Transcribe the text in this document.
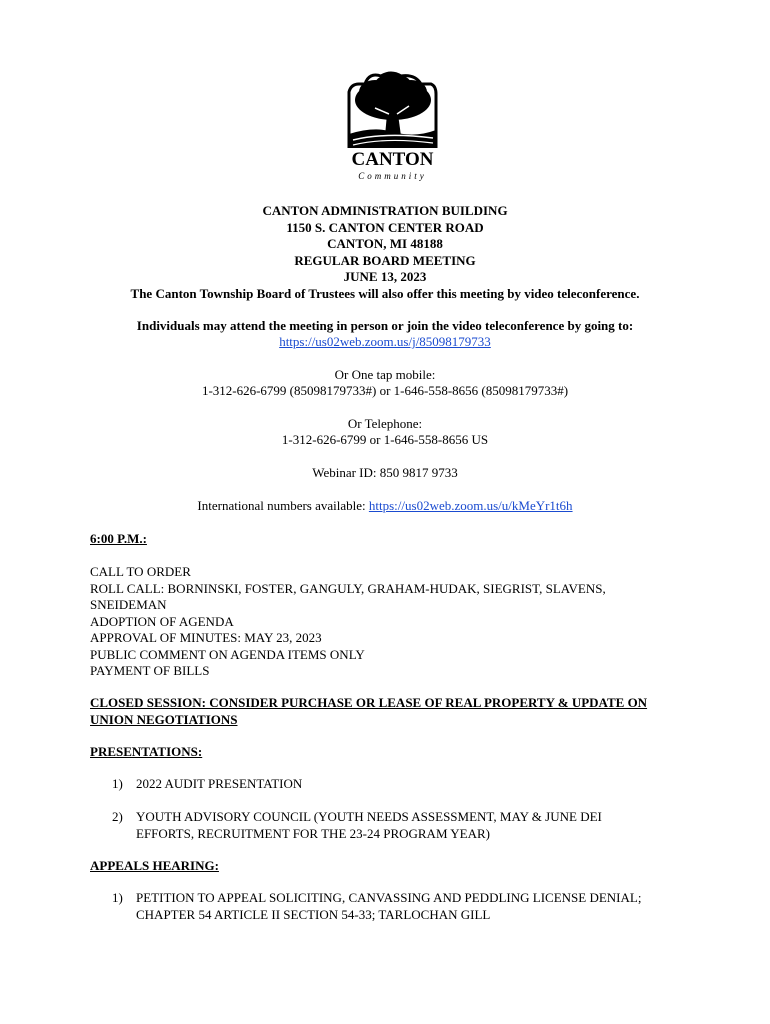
CANTON
Community
CANTON ADMINISTRATION BUILDING
1150 S. CANTON CENTER ROAD
CANTON, MI 48188
REGULAR BOARD MEETING
JUNE 13, 2023
The Canton Township Board of Trustees will also offer this meeting by video teleconference.
Individuals may attend the meeting in person or join the video teleconference by going to:
https://us02web.zoom.us/j/85098179733
Or One tap mobile:
1-312-626-6799 (85098179733#) or 1-646-558-8656 (85098179733#)
Or Telephone:
1-312-626-6799 or 1-646-558-8656 US
Webinar ID: 850 9817 9733
International numbers available: https://us02web.zoom.us/u/kMeYr1t6h
6:00 P.M.:
CALL TO ORDER
ROLL CALL: BORNINSKI, FOSTER, GANGULY, GRAHAM-HUDAK, SIEGRIST, SLAVENS,
SNEIDEMAN
ADOPTION OF AGENDA
APPROVAL OF MINUTES: MAY 23, 2023
PUBLIC COMMENT ON AGENDA ITEMS ONLY
PAYMENT OF BILLS
CLOSED SESSION: CONSIDER PURCHASE OR LEASE OF REAL PROPERTY & UPDATE ON
UNION NEGOTIATIONS
PRESENTATIONS:
1) 2022 AUDIT PRESENTATION
2) YOUTH ADVISORY COUNCIL (YOUTH NEEDS ASSESSMENT, MAY & JUNE DEI
EFFORTS, RECRUITMENT FOR THE 23-24 PROGRAM YEAR)
APPEALS HEARING:
1) PETITION TO APPEAL SOLICITING, CANVASSING AND PEDDLING LICENSE DENIAL;
CHAPTER 54 ARTICLE II SECTION 54-33; TARLOCHAN GILL
